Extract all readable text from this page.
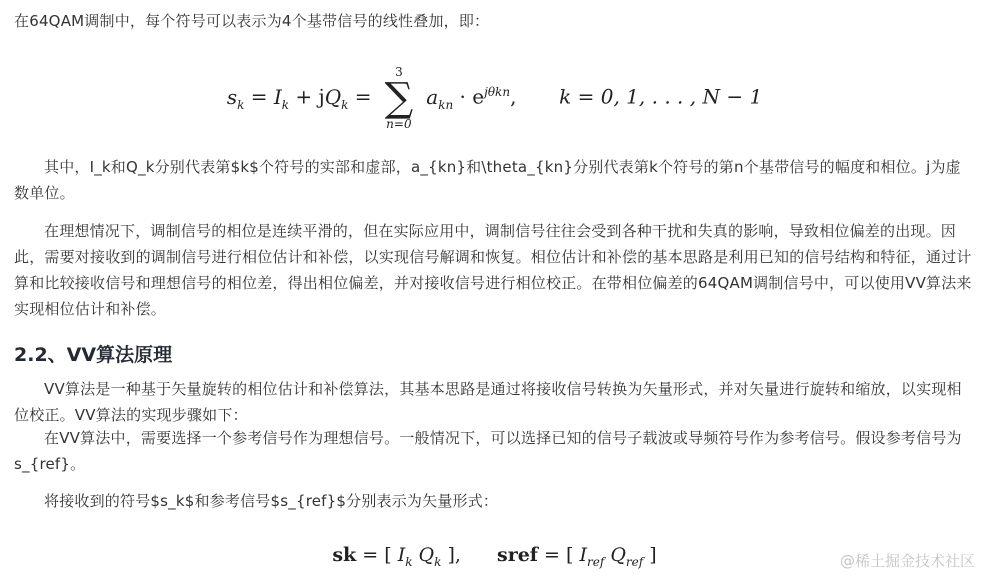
在64QAM调制中，每个符号可以表示为4个基带信号的线性叠加，即：

$s_k = I_k + jQ_k$ =
3
∑
n=0
$a_{kn} \cdot e^{j\theta kn}$, k = 0, 1, . . . , N − 1

其中，I_k和Q_k分别代表第$k$个符号的实部和虚部，a_{kn}和\theta_{kn}分别代表第k个符号的第n个基带信号的幅度和相位。j为虚数单位。

在理想情况下，调制信号的相位是连续平滑的，但在实际应用中，调制信号往往会受到各种干扰和失真的影响，导致相位偏差的出现。因此，需要对接收到的调制信号进行相位估计和补偿，以实现信号解调和恢复。相位估计和补偿的基本思路是利用已知的信号结构和特征，通过计算和比较接收信号和理想信号的相位差，得出相位偏差，并对接收信号进行相位校正。在带相位偏差的64QAM调制信号中，可以使用VV算法来实现相位估计和补偿。

2.2、VV算法原理

VV算法是一种基于矢量旋转的相位估计和补偿算法，其基本思路是通过将接收信号转换为矢量形式，并对矢量进行旋转和缩放，以实现相位校正。VV算法的实现步骤如下：

在VV算法中，需要选择一个参考信号作为理想信号。一般情况下，可以选择已知的信号子载波或导频符号作为参考信号。假设参考信号为s_{ref}。

将接收到的符号$s_k$和参考信号$s_{ref}$分别表示为矢量形式：

sk = [ $I_k$ $Q_k$ ], sref = [ $I_{ref}$ $Q_{ref}$ ]	@稀土掘金技术社区
